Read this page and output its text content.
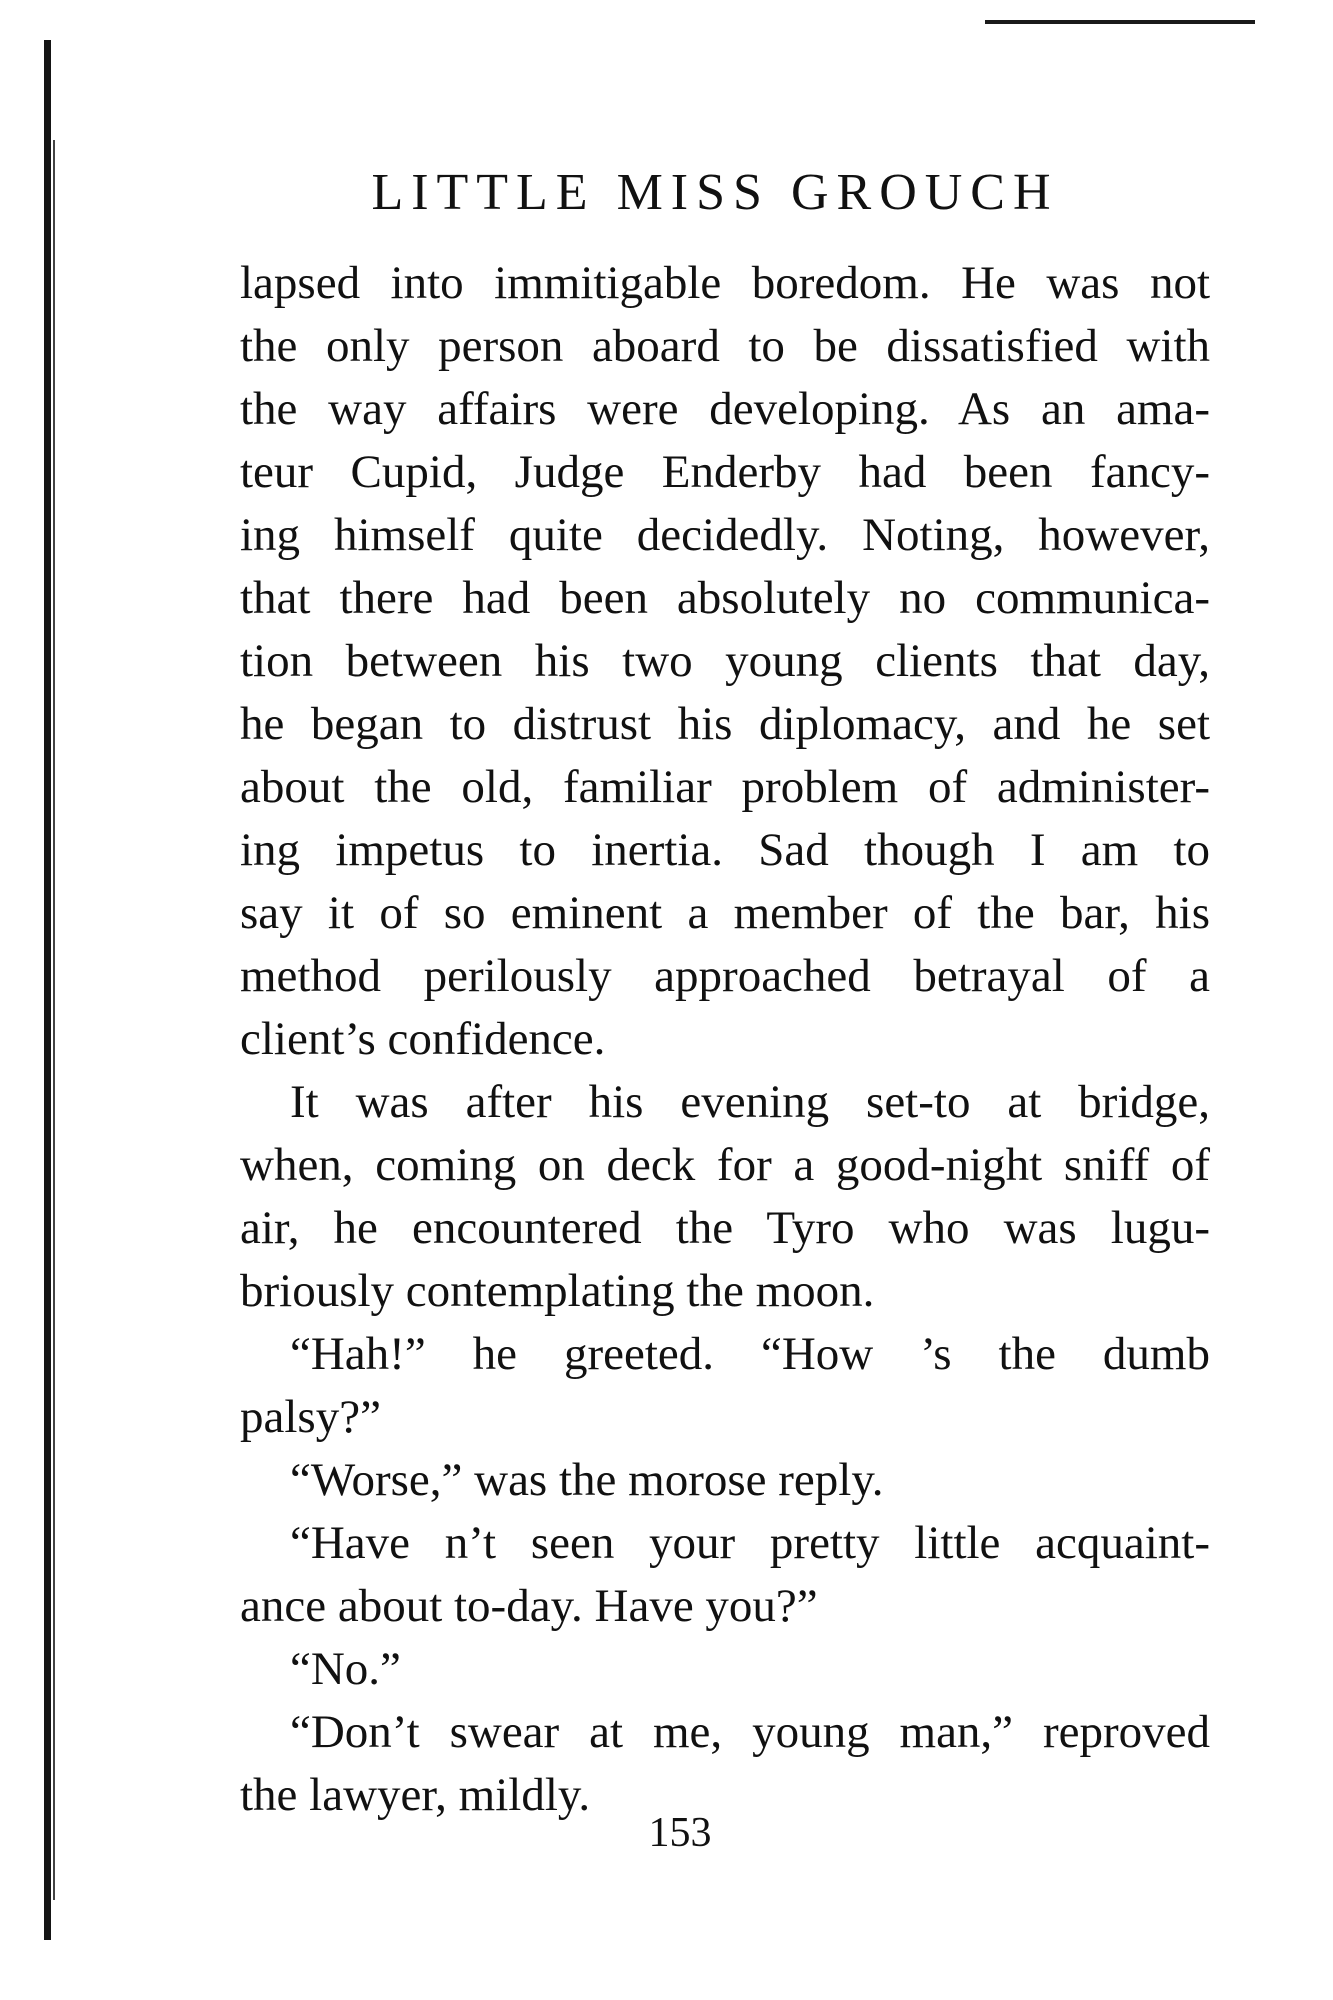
LITTLE MISS GROUCH
lapsed into immitigable boredom. He was not
the only person aboard to be dissatisfied with
the way affairs were developing. As an ama-
teur Cupid, Judge Enderby had been fancy-
ing himself quite decidedly. Noting, however,
that there had been absolutely no communica-
tion between his two young clients that day,
he began to distrust his diplomacy, and he set
about the old, familiar problem of administer-
ing impetus to inertia. Sad though I am to
say it of so eminent a member of the bar, his
method perilously approached betrayal of a
client’s confidence.
It was after his evening set-to at bridge,
when, coming on deck for a good-night sniff of
air, he encountered the Tyro who was lugu-
briously contemplating the moon.
“Hah!” he greeted. “How ’s the dumb
palsy?”
“Worse,” was the morose reply.
“Have n’t seen your pretty little acquaint-
ance about to-day. Have you?”
“No.”
“Don’t swear at me, young man,” reproved
the lawyer, mildly.
153
